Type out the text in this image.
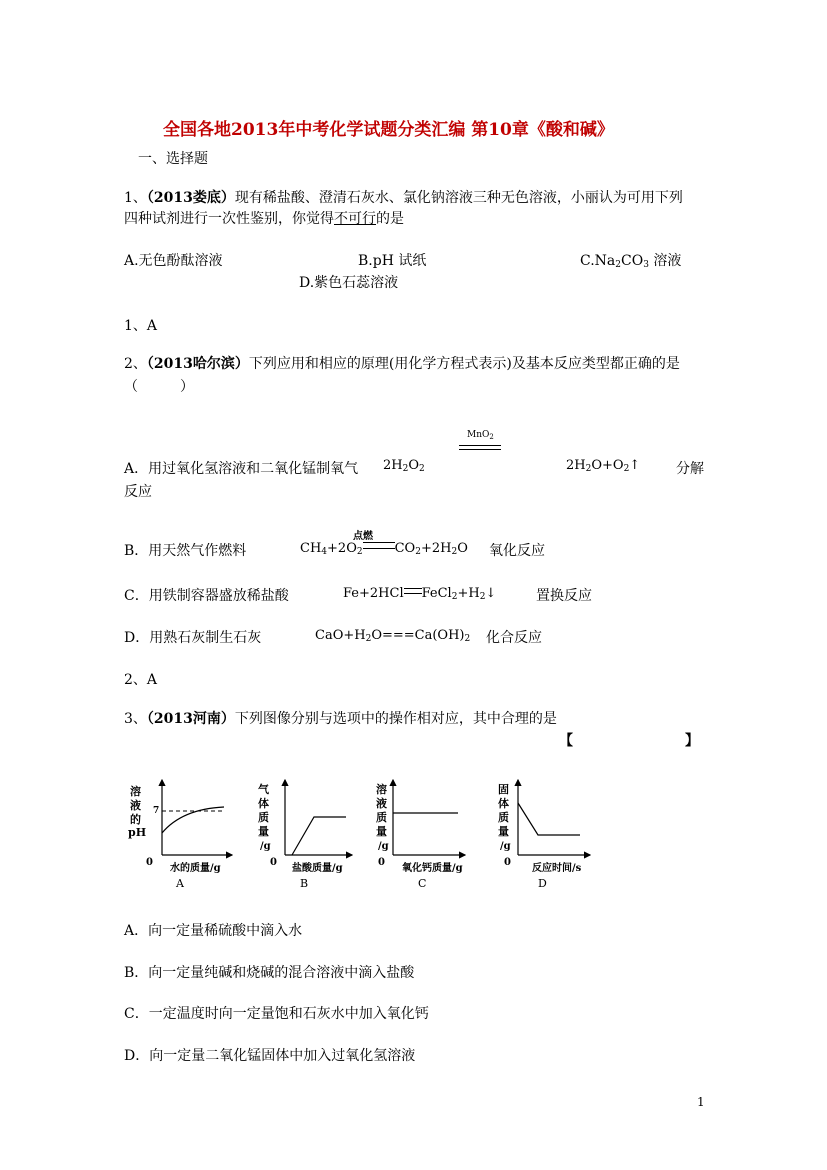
全国各地2013年中考化学试题分类汇编 第10章《酸和碱》
一、选择题
1、（2013娄底）现有稀盐酸、澄清石灰水、氯化钠溶液三种无色溶液，小丽认为可用下列
四种试剂进行一次性鉴别，你觉得不可行的是
A.无色酚酞溶液	B.pH 试纸	$C.Na_2CO_3$ 溶液
D.紫色石蕊溶液
1、A
2、（2013哈尔滨）下列应用和相应的原理(用化学方程式表示)及基本反应类型都正确的是
（　　　）
MnO$_2$
A．用过氧化氢溶液和二氧化锰制氧气 $2H_2O_2$	$2H_2O+O_2↑$	分解
反应
点燃
B．用天然气作燃料	$CH_4+2O_2$ $CO_2+2H_2O$ 氧化反应
C．用铁制容器盛放稀盐酸	Fe+2HCl $FeCl_2+H_2↓$	置换反应
D．用熟石灰制生石灰	$CaO+H_2O===Ca(OH)_2$ 化合反应
2、A
3、（2013河南）下列图像分别与选项中的操作相对应，其中合理的是
【　　　　　　　　】
溶
液
的
pH
7
0
水的质量/g
A
气
体
质
量
/g
0
盐酸质量/g
B
溶
液
质
量
/g
0
氧化钙质量/g
C
固
体
质
量
/g
0
反应时间/s
D
A．向一定量稀硫酸中滴入水
B．向一定量纯碱和烧碱的混合溶液中滴入盐酸
C．一定温度时向一定量饱和石灰水中加入氧化钙
D．向一定量二氧化锰固体中加入过氧化氢溶液
1
